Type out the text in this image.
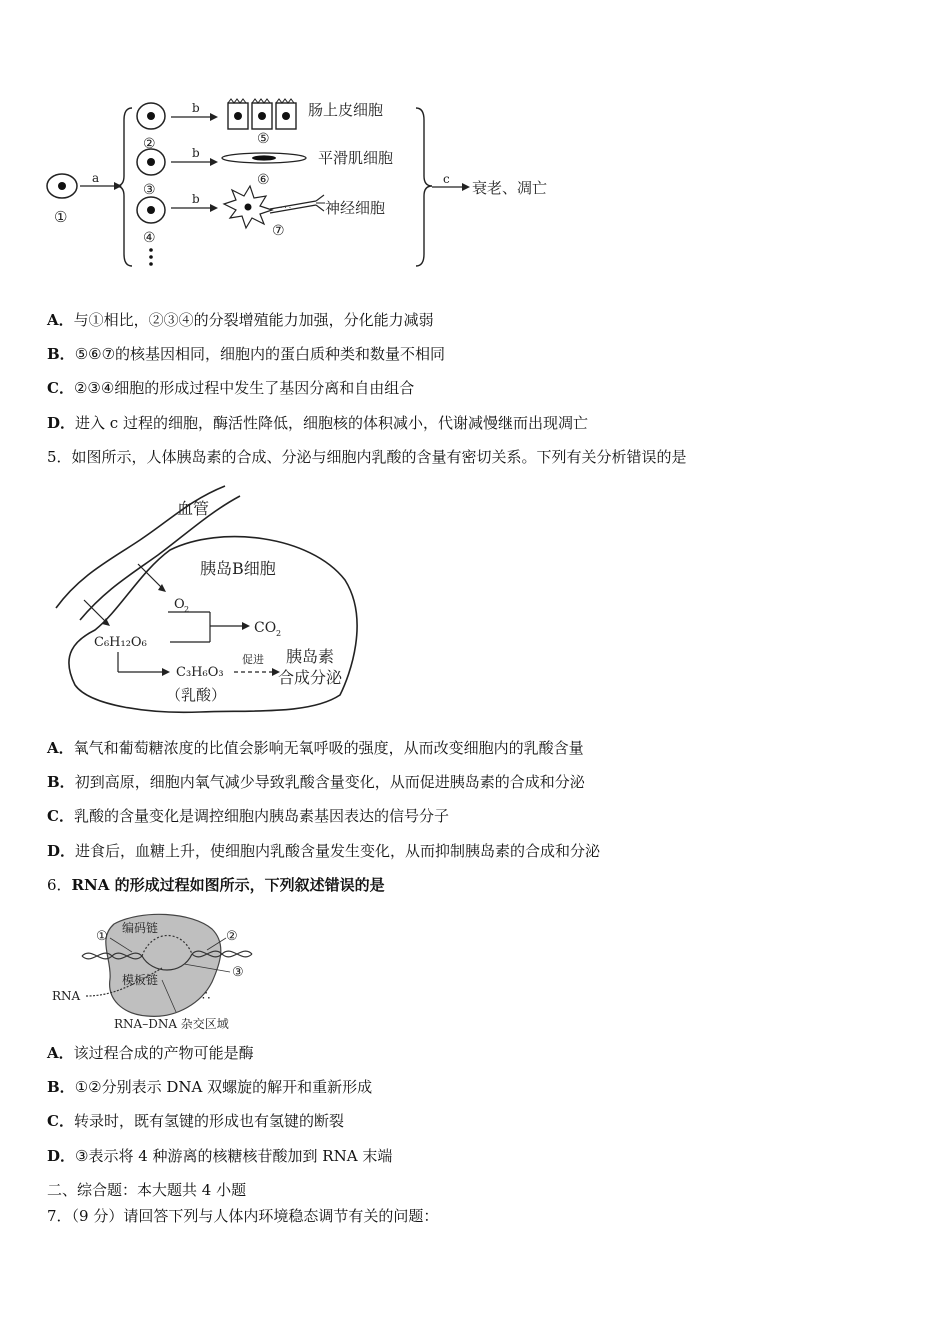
①
a
②
③
④
b
b
b
⑤
肠上皮细胞
⑥
平滑肌细胞
· · ·
⑦
神经细胞
c 衰老、凋亡
A．与①相比，②③④的分裂增殖能力加强，分化能力减弱
B．⑤⑥⑦的核基因相同，细胞内的蛋白质种类和数量不相同
C．②③④细胞的形成过程中发生了基因分离和自由组合
D．进入 c 过程的细胞，酶活性降低，细胞核的体积减小，代谢减慢继而出现凋亡
5．如图所示，人体胰岛素的合成、分泌与细胞内乳酸的含量有密切关系。下列有关分析错误的是
血管
胰岛B细胞
O 2
C₆H₁₂O₆
CO 2
C₃H₆O₃
促进 胰岛素
合成分泌
（乳酸）
A．氧气和葡萄糖浓度的比值会影响无氧呼吸的强度，从而改变细胞内的乳酸含量
B．初到高原，细胞内氧气减少导致乳酸含量变化，从而促进胰岛素的合成和分泌
C．乳酸的含量变化是调控细胞内胰岛素基因表达的信号分子
D．进食后，血糖上升，使细胞内乳酸含量发生变化，从而抑制胰岛素的合成和分泌
6．RNA 的形成过程如图所示，下列叙述错误的是
①
编码链
②
③
模板链
RNA	∴
RNA–DNA 杂交区域
A．该过程合成的产物可能是酶
B．①②分别表示 DNA 双螺旋的解开和重新形成
C．转录时，既有氢键的形成也有氢键的断裂
D．③表示将 4 种游离的核糖核苷酸加到 RNA 末端
二、综合题：本大题共 4 小题
7．（9 分）请回答下列与人体内环境稳态调节有关的问题：
